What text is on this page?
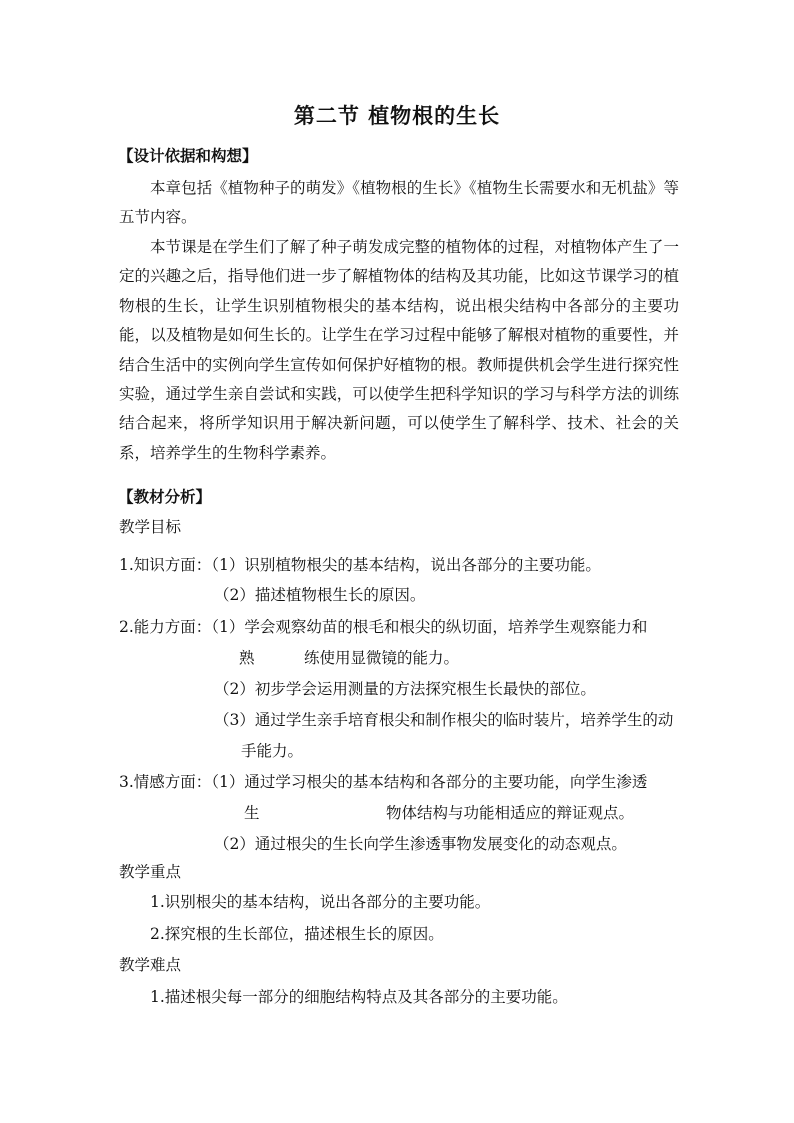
第二节 植物根的生长
【设计依据和构想】
本章包括《植物种子的萌发》《植物根的生长》《植物生长需要水和无机盐》等五节内容。
本节课是在学生们了解了种子萌发成完整的植物体的过程，对植物体产生了一定的兴趣之后，指导他们进一步了解植物体的结构及其功能，比如这节课学习的植物根的生长，让学生识别植物根尖的基本结构，说出根尖结构中各部分的主要功能，以及植物是如何生长的。让学生在学习过程中能够了解根对植物的重要性，并结合生活中的实例向学生宣传如何保护好植物的根。教师提供机会学生进行探究性实验，通过学生亲自尝试和实践，可以使学生把科学知识的学习与科学方法的训练结合起来，将所学知识用于解决新问题，可以使学生了解科学、技术、社会的关系，培养学生的生物科学素养。
【教材分析】
教学目标
1.知识方面：（1）识别植物根尖的基本结构，说出各部分的主要功能。
（2）描述植物根生长的原因。
2.能力方面：（1）学会观察幼苗的根毛和根尖的纵切面，培养学生观察能力和
熟	练使用显微镜的能力。
（2）初步学会运用测量的方法探究根生长最快的部位。
（3）通过学生亲手培育根尖和制作根尖的临时装片，培养学生的动
手能力。
3.情感方面：（1）通过学习根尖的基本结构和各部分的主要功能，向学生渗透
生	物体结构与功能相适应的辩证观点。
（2）通过根尖的生长向学生渗透事物发展变化的动态观点。
教学重点
1.识别根尖的基本结构，说出各部分的主要功能。
2.探究根的生长部位，描述根生长的原因。
教学难点
1.描述根尖每一部分的细胞结构特点及其各部分的主要功能。
